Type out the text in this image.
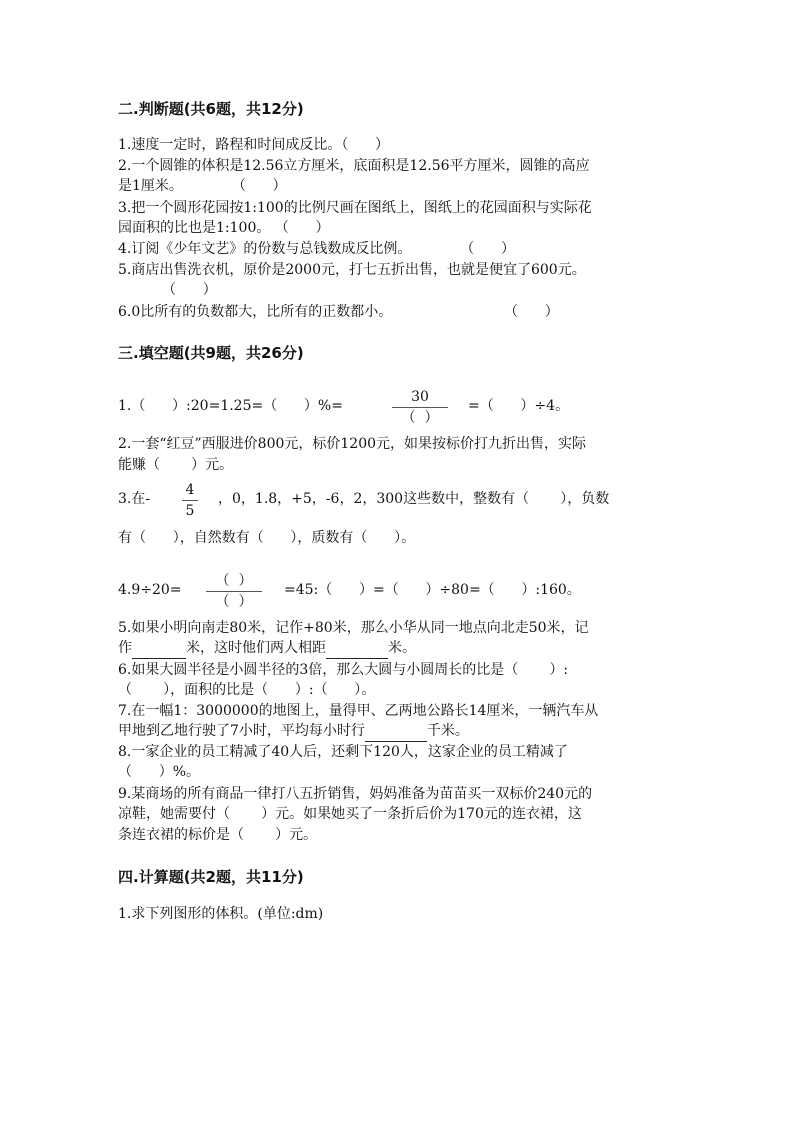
二.判断题(共6题，共12分)
1.速度一定时，路程和时间成反比。（      ）
2.一个圆锥的体积是12.56立方厘米，底面积是12.56平方厘米，圆锥的高应
是1厘米。           （      ）
3.把一个圆形花园按1:100的比例尺画在图纸上，图纸上的花园面积与实际花
园面积的比也是1:100。 （      ）
4.订阅《少年文艺》的份数与总钱数成反比例。           （      ）
5.商店出售洗衣机，原价是2000元，打七五折出售，也就是便宜了600元。
（      ）
6.0比所有的负数都大，比所有的正数都小。	（      ）
三.填空题(共9题，共26分)
1.（      ）:20=1.25=（      ）%=
30
（  ）
=（      ）÷4。
2.一套“红豆”西服进价800元，标价1200元，如果按标价打九折出售，实际
能赚（       ）元。
3.在-
4
5
，0，1.8，+5，-6，2，300这些数中，整数有（       ），负数
有（      ），自然数有（      ），质数有（      ）。
4.9÷20=
（  ）
（  ）
=45:（      ）=（      ）÷80=（      ）:160。
5.如果小明向南走80米，记作+80米，那么小华从同一地点向北走50米，记
作	米，这时他们两人相距	米。
6.如果大圆半径是小圆半径的3倍，那么大圆与小圆周长的比是（       ）:
（       ），面积的比是（      ）:（      ）。
7.在一幅1：3000000的地图上，量得甲、乙两地公路长14厘米，一辆汽车从
甲地到乙地行驶了7小时，平均每小时行	千米。
8.一家企业的员工精减了40人后，还剩下120人，这家企业的员工精减了
（      ）%。
9.某商场的所有商品一律打八五折销售，妈妈准备为苗苗买一双标价240元的
凉鞋，她需要付（       ）元。如果她买了一条折后价为170元的连衣裙，这
条连衣裙的标价是（       ）元。
四.计算题(共2题，共11分)
1.求下列图形的体积。(单位:dm)
